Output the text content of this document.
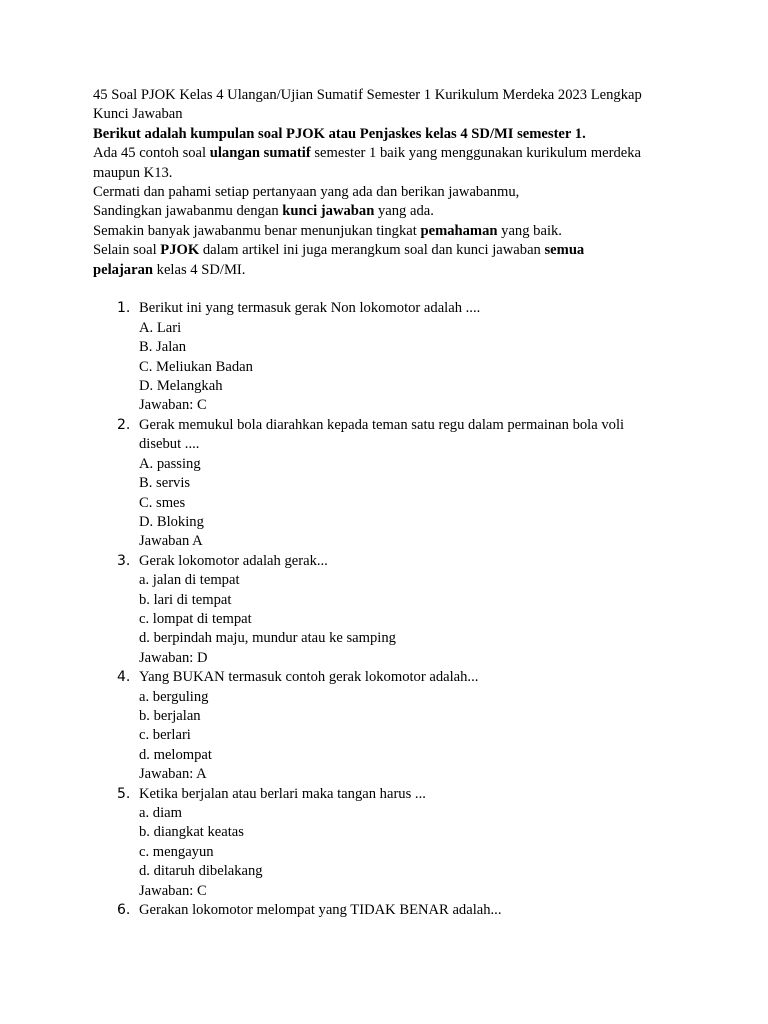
45 Soal PJOK Kelas 4 Ulangan/Ujian Sumatif Semester 1 Kurikulum Merdeka 2023 Lengkap
Kunci Jawaban
Berikut adalah kumpulan soal PJOK atau Penjaskes kelas 4 SD/MI semester 1.
Ada 45 contoh soal ulangan sumatif semester 1 baik yang menggunakan kurikulum merdeka
maupun K13.
Cermati dan pahami setiap pertanyaan yang ada dan berikan jawabanmu,
Sandingkan jawabanmu dengan kunci jawaban yang ada.
Semakin banyak jawabanmu benar menunjukan tingkat pemahaman yang baik.
Selain soal PJOK dalam artikel ini juga merangkum soal dan kunci jawaban semua
pelajaran kelas 4 SD/MI.
1. Berikut ini yang termasuk gerak Non lokomotor adalah ....
A. Lari
B. Jalan
C. Meliukan Badan
D. Melangkah
Jawaban: C
2. Gerak memukul bola diarahkan kepada teman satu regu dalam permainan bola voli
disebut ....
A. passing
B. servis
C. smes
D. Bloking
Jawaban A
3. Gerak lokomotor adalah gerak...
a. jalan di tempat
b. lari di tempat
c. lompat di tempat
d. berpindah maju, mundur atau ke samping
Jawaban: D
4. Yang BUKAN termasuk contoh gerak lokomotor adalah...
a. berguling
b. berjalan
c. berlari
d. melompat
Jawaban: A
5. Ketika berjalan atau berlari maka tangan harus ...
a. diam
b. diangkat keatas
c. mengayun
d. ditaruh dibelakang
Jawaban: C
6. Gerakan lokomotor melompat yang TIDAK BENAR adalah...
